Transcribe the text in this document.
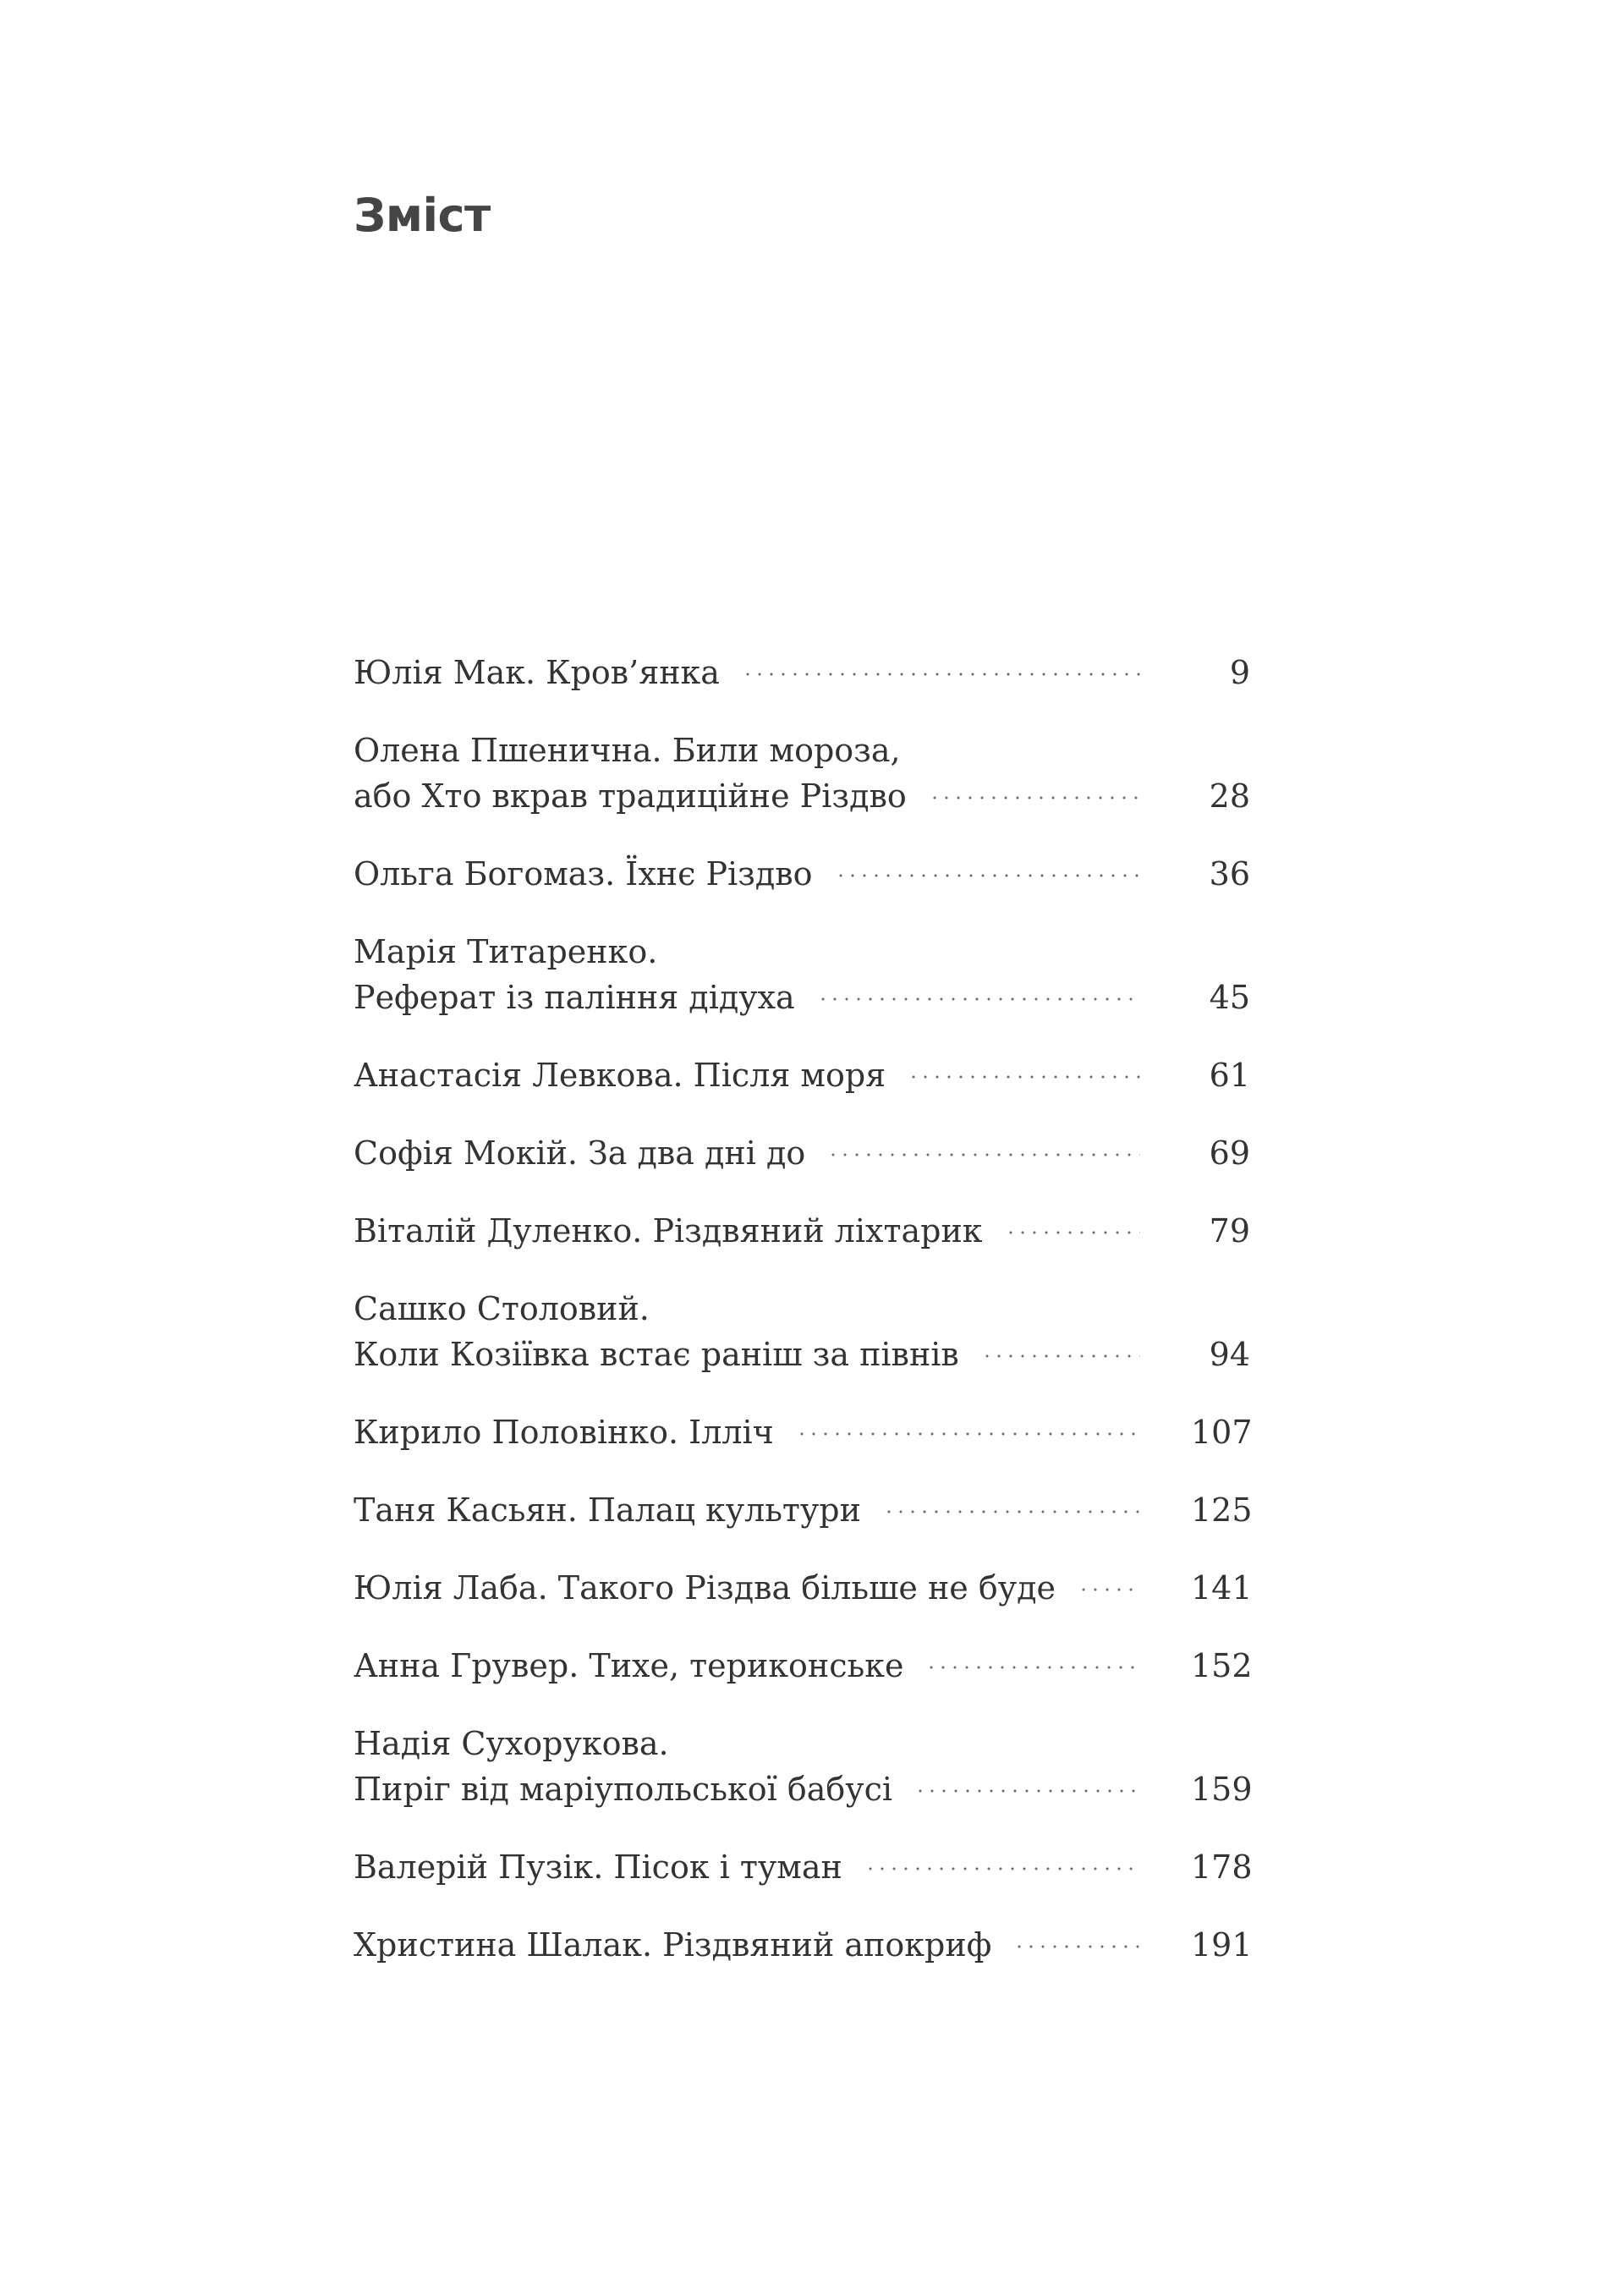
Зміст
Юлія Мак. Кров’янка	9
Олена Пшенична. Били мороза,
або Хто вкрав традиційне Різдво	28
Ольга Богомаз. Їхнє Різдво	36
Марія Титаренко.
Реферат із паління дідуха	45
Анастасія Левкова. Після моря	61
Софія Мокій. За два дні до	69
Віталій Дуленко. Різдвяний ліхтарик	79
Сашко Столовий.
Коли Козіївка встає раніш за півнів	94
Кирило Половінко. Ілліч	107
Таня Касьян. Палац культури	125
Юлія Лаба. Такого Різдва більше не буде	141
Анна Грувер. Тихе, териконське	152
Надія Сухорукова.
Пиріг від маріупольської бабусі	159
Валерій Пузік. Пісок і туман	178
Христина Шалак. Різдвяний апокриф	191
